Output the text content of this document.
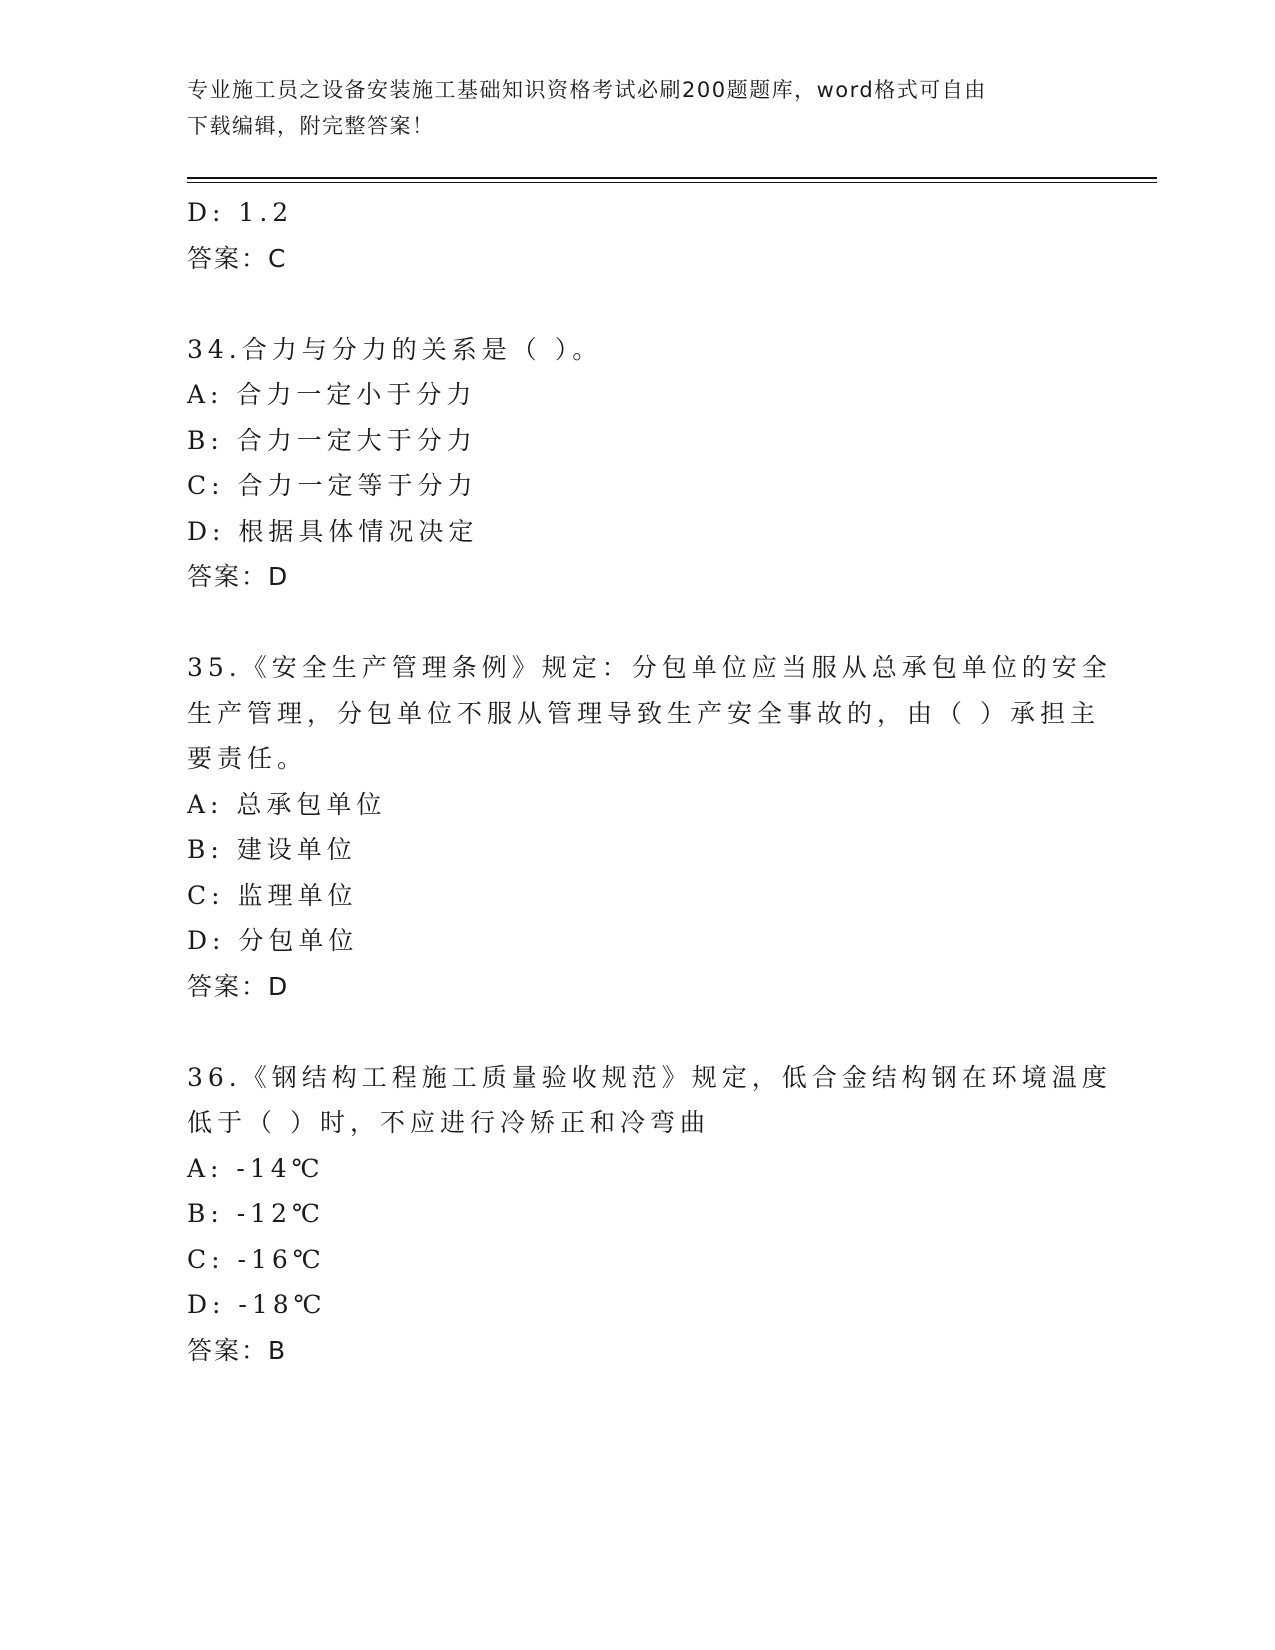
专业施工员之设备安装施工基础知识资格考试必刷200题题库，word格式可自由
下载编辑，附完整答案！
D: 1.2
答案：C
34.合力与分力的关系是（ ）。
A: 合力一定小于分力
B: 合力一定大于分力
C: 合力一定等于分力
D: 根据具体情况决定
答案：D
35.《安全生产管理条例》规定：分包单位应当服从总承包单位的安全
生产管理，分包单位不服从管理导致生产安全事故的，由（ ）承担主
要责任。
A: 总承包单位
B: 建设单位
C: 监理单位
D: 分包单位
答案：D
36.《钢结构工程施工质量验收规范》规定，低合金结构钢在环境温度
低于（ ）时，不应进行冷矫正和冷弯曲
A: -14℃
B: -12℃
C: -16℃
D: -18℃
答案：B
